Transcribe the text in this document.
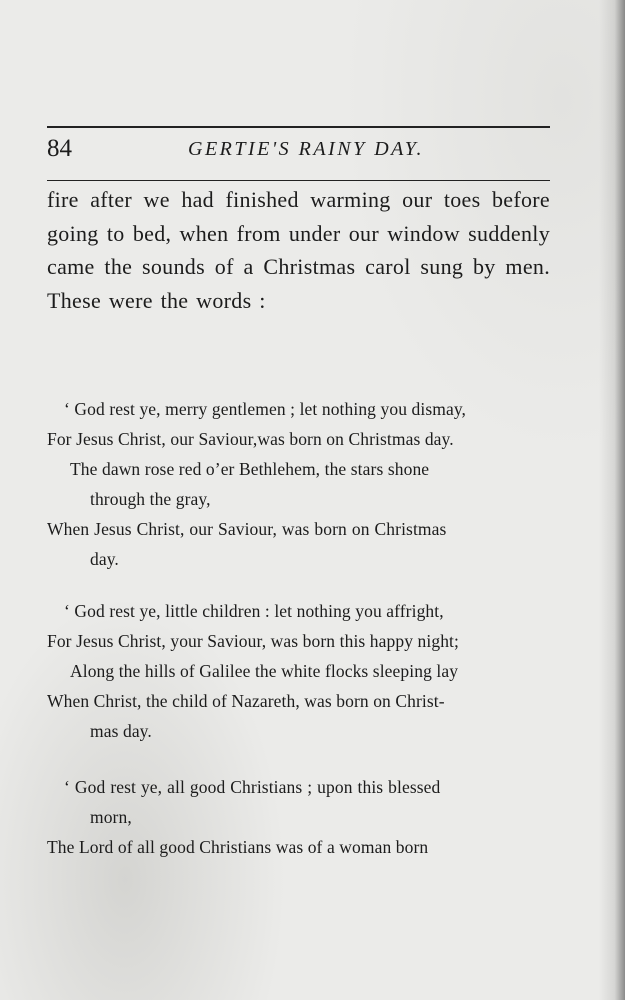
84	GERTIE'S RAINY DAY.
fire after we had finished warming our toes before going to bed, when from under our window suddenly came the sounds of a Christmas carol sung by men. These were the words :
‘ God rest ye, merry gentlemen ; let nothing you dismay,
For Jesus Christ, our Saviour,was born on Christmas day.
The dawn rose red o’er Bethlehem, the stars shone
through the gray,
When Jesus Christ, our Saviour, was born on Christmas
day.
‘ God rest ye, little children : let nothing you affright,
For Jesus Christ, your Saviour, was born this happy night;
Along the hills of Galilee the white flocks sleeping lay
When Christ, the child of Nazareth, was born on Christ-
mas day.
‘ God rest ye, all good Christians ; upon this blessed
morn,
The Lord of all good Christians was of a woman born
